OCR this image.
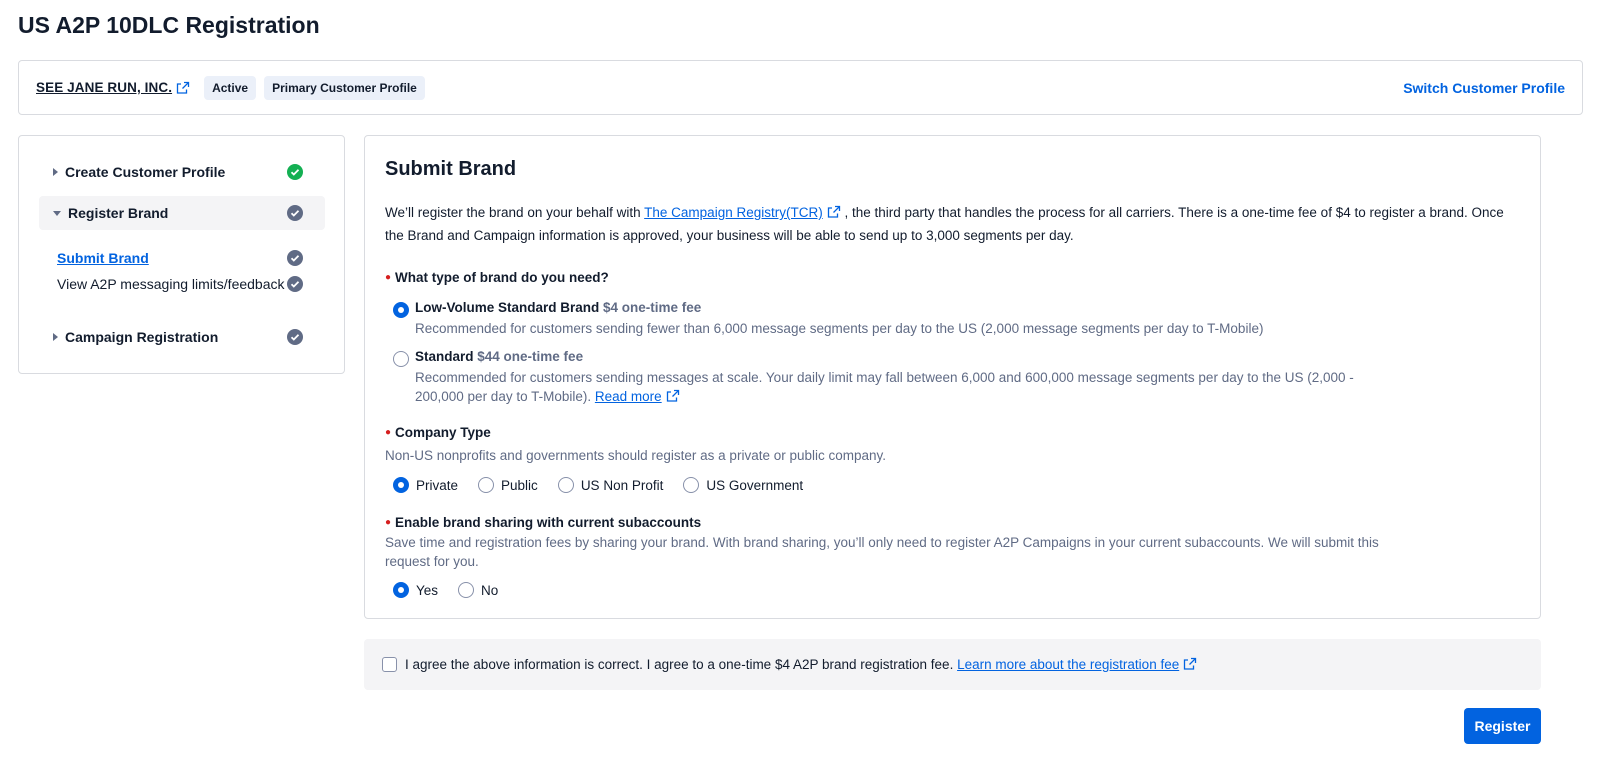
US A2P 10DLC Registration
SEE JANE RUN, INC.	Active	Primary Customer Profile	Switch Customer Profile
Create Customer Profile
Register Brand
Submit Brand
View A2P messaging limits/feedback
Campaign Registration
Submit Brand
We’ll register the brand on your behalf with The Campaign Registry(TCR) , the third party that handles the process for all carriers. There is a one-time fee of $4 to register a brand. Once the Brand and Campaign information is approved, your business will be able to send up to 3,000 segments per day.
● What type of brand do you need?
Low-Volume Standard Brand $4 one-time fee
Recommended for customers sending fewer than 6,000 message segments per day to the US (2,000 message segments per day to T-Mobile)
Standard $44 one-time fee
Recommended for customers sending messages at scale. Your daily limit may fall between 6,000 and 600,000 message segments per day to the US (2,000 - 200,000 per day to T-Mobile). Read more
● Company Type
Non-US nonprofits and governments should register as a private or public company.
Private	Public	US Non Profit	US Government
● Enable brand sharing with current subaccounts
Save time and registration fees by sharing your brand. With brand sharing, you’ll only need to register A2P Campaigns in your current subaccounts. We will submit this request for you.
Yes	No
I agree the above information is correct. I agree to a one-time $4 A2P brand registration fee. Learn more about the registration fee
Register
